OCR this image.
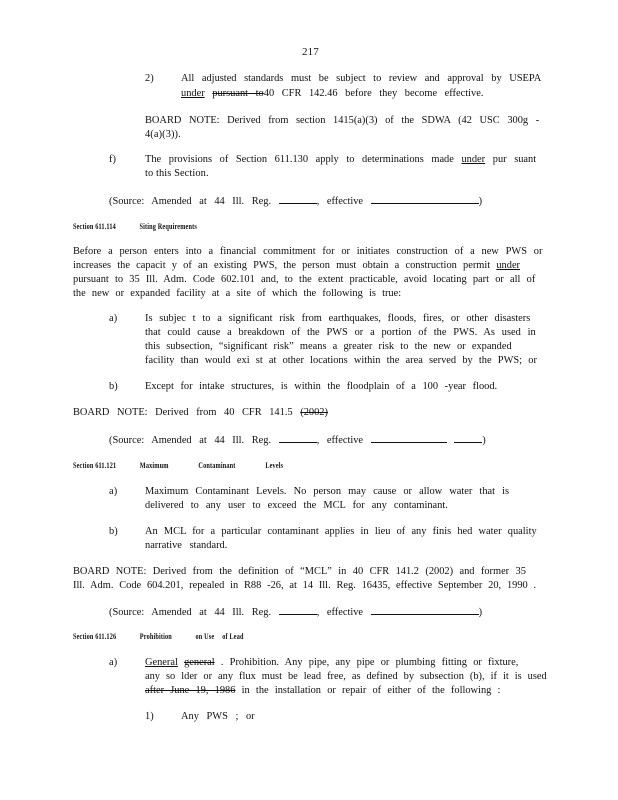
217
2)	All adjusted standards must be subject to review and approval by USEPA
under pursuant to40 CFR 142.46 before they become effective.
BOARD NOTE: Derived from section 1415(a)(3) of the SDWA (42 USC 300g -
4(a)(3)).
f)	The provisions of Section 611.130 apply to determinations made under pur suant
to this Section.
(Source: Amended at 44 Ill. Reg.	, effective	)
Section 611.114	Siting Requirements
Before a person enters into a financial commitment for or initiates construction of a new PWS or
increases the capacit y of an existing PWS, the person must obtain a construction permit under
pursuant to 35 Ill. Adm. Code 602.101 and, to the extent practicable, avoid locating part or all of
the new or expanded facility at a site of which the following is true:
a)	Is subjec t to a significant risk from earthquakes, floods, fires, or other disasters
that could cause a breakdown of the PWS or a portion of the PWS. As used in
this subsection, “significant risk” means a greater risk to the new or expanded
facility than would exi st at other locations within the area served by the PWS; or
b)	Except for intake structures, is within the floodplain of a 100 -year flood.
BOARD NOTE: Derived from 40 CFR 141.5 (2002)
(Source: Amended at 44 Ill. Reg.	, effective	)
Section 611.121	Maximum	Contaminant	Levels
a)	Maximum Contaminant Levels. No person may cause or allow water that is
delivered to any user to exceed the MCL for any contaminant.
b)	An MCL for a particular contaminant applies in lieu of any finis hed water quality
narrative standard.
BOARD NOTE: Derived from the definition of “MCL” in 40 CFR 141.2 (2002) and former 35
Ill. Adm. Code 604.201, repealed in R88 -26, at 14 Ill. Reg. 16435, effective September 20, 1990 .
(Source: Amended at 44 Ill. Reg.	, effective	)
Section 611.126	Prohibition	on Use of Lead
a)	General general . Prohibition. Any pipe, any pipe or plumbing fitting or fixture,
any so lder or any flux must be lead free, as defined by subsection (b), if it is used
after June 19, 1986 in the installation or repair of either of the following :
1)	Any PWS ; or
